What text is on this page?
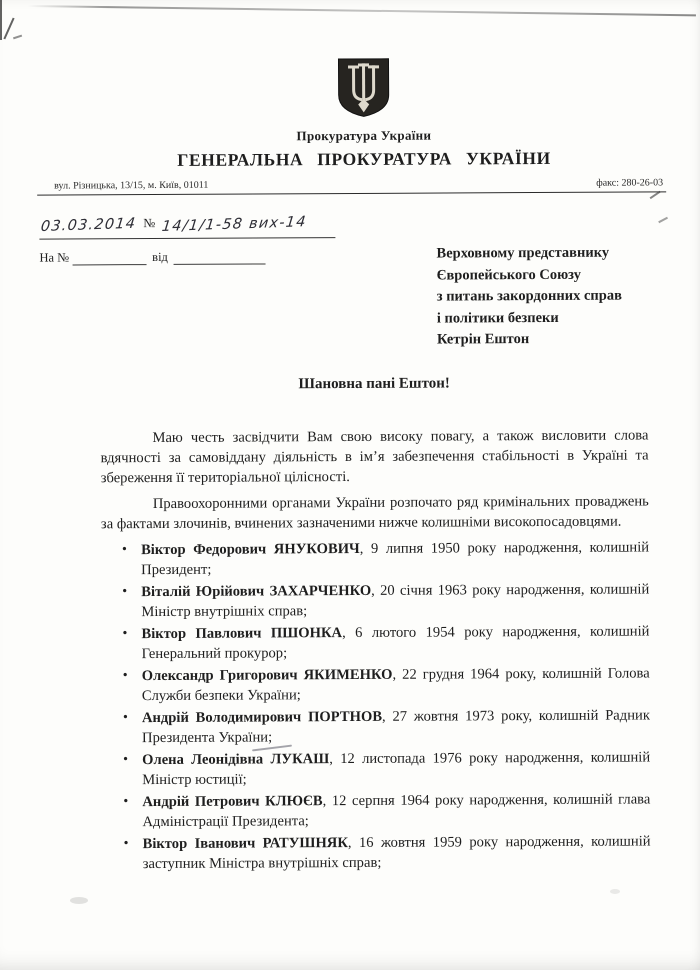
Прокуратура України
ГЕНЕРАЛЬНА ПРОКУРАТУРА УКРАЇНИ
вул. Різницька, 13/15, м. Київ, 01011	факс: 280-26-03
03.03.2014 № 14/1/1-58 вих-14
На №	від	Верховному представнику
Європейського Союзу
з питань закордонних справ
і політики безпеки
Кетрін Ештон
Шановна пані Ештон!

Маю честь засвідчити Вам свою високу повагу, а також висловити слова вдячності за самовіддану діяльність в ім’я забезпечення стабільності в Україні та збереження її територіальної цілісності.

Правоохоронними органами України розпочато ряд кримінальних проваджень за фактами злочинів, вчинених зазначеними нижче колишніми високопосадовцями.

• Віктор Федорович ЯНУКОВИЧ, 9 липня 1950 року народження, колишній Президент;
• Віталій Юрійович ЗАХАРЧЕНКО, 20 січня 1963 року народження, колишній Міністр внутрішніх справ;
• Віктор Павлович ПШОНКА, 6 лютого 1954 року народження, колишній Генеральний прокурор;
• Олександр Григорович ЯКИМЕНКО, 22 грудня 1964 року, колишній Голова Служби безпеки України;
• Андрій Володимирович ПОРТНОВ, 27 жовтня 1973 року, колишній Радник Президента України;
• Олена Леонідівна ЛУКАШ, 12 листопада 1976 року народження, колишній Міністр юстиції;
• Андрій Петрович КЛЮЄВ, 12 серпня 1964 року народження, колишній глава Адміністрації Президента;
• Віктор Іванович РАТУШНЯК, 16 жовтня 1959 року народження, колишній заступник Міністра внутрішніх справ;
